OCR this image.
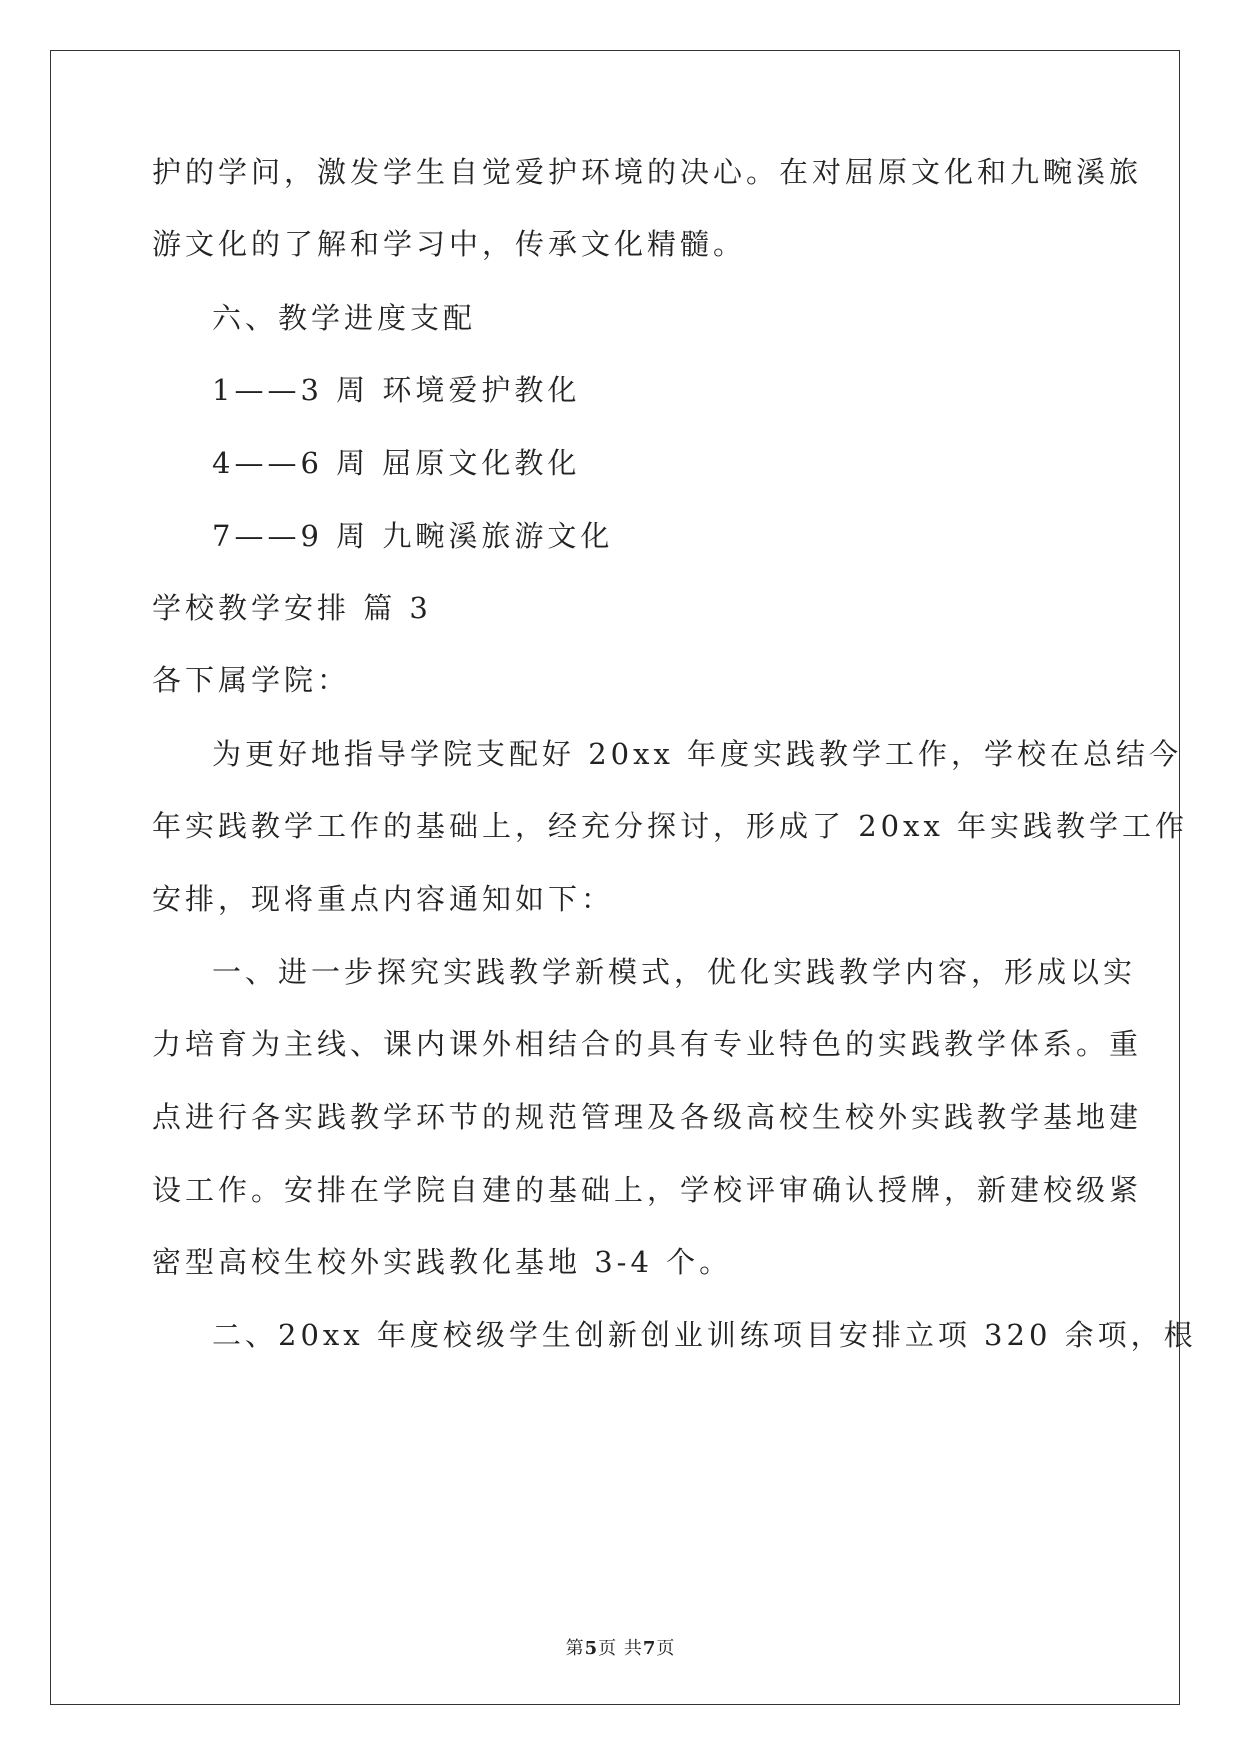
护的学问，激发学生自觉爱护环境的决心。在对屈原文化和九畹溪旅
游文化的了解和学习中，传承文化精髓。
六、教学进度支配
1——3 周 环境爱护教化
4——6 周 屈原文化教化
7——9 周 九畹溪旅游文化
学校教学安排 篇 3
各下属学院：
为更好地指导学院支配好 20xx 年度实践教学工作，学校在总结今
年实践教学工作的基础上，经充分探讨，形成了 20xx 年实践教学工作
安排，现将重点内容通知如下：
一、进一步探究实践教学新模式，优化实践教学内容，形成以实
力培育为主线、课内课外相结合的具有专业特色的实践教学体系。重
点进行各实践教学环节的规范管理及各级高校生校外实践教学基地建
设工作。安排在学院自建的基础上，学校评审确认授牌，新建校级紧
密型高校生校外实践教化基地 3-4 个。
二、20xx 年度校级学生创新创业训练项目安排立项 320 余项，根
第5页 共7页
